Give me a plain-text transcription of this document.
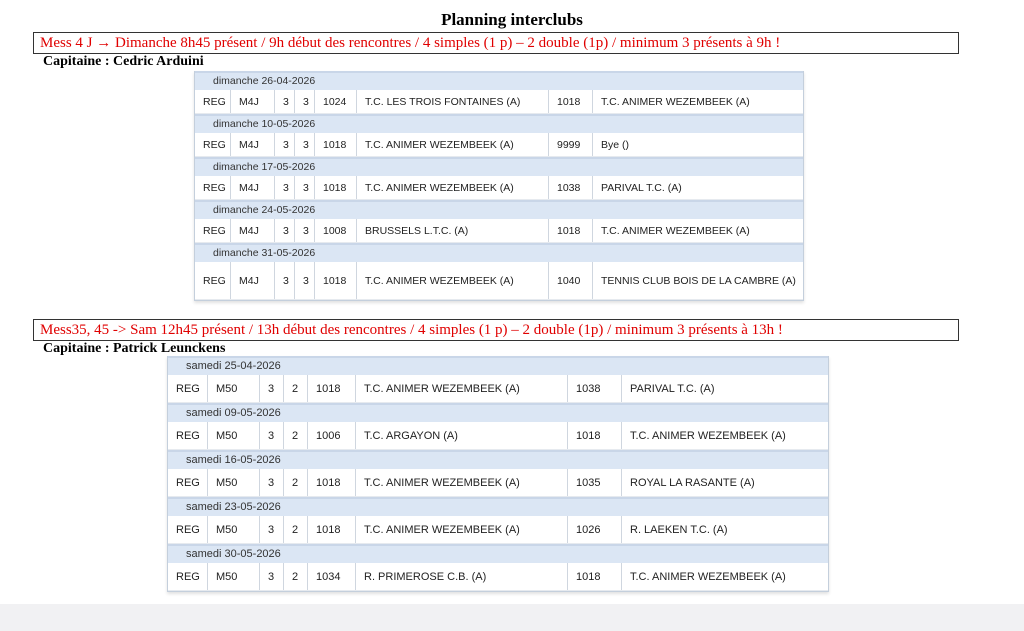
Planning interclubs
Mess 4 J → Dimanche 8h45 présent / 9h début des rencontres / 4 simples (1 p) – 2 double (1p) / minimum 3 présents à 9h !
Capitaine : Cedric Arduini
dimanche 26-04-2026
REG	M4J	3	3	1024	T.C. LES TROIS FONTAINES (A)	1018	T.C. ANIMER WEZEMBEEK (A)
dimanche 10-05-2026
REG	M4J	3	3	1018	T.C. ANIMER WEZEMBEEK (A)	9999	Bye ()
dimanche 17-05-2026
REG	M4J	3	3	1018	T.C. ANIMER WEZEMBEEK (A)	1038	PARIVAL T.C. (A)
dimanche 24-05-2026
REG	M4J	3	3	1008	BRUSSELS L.T.C. (A)	1018	T.C. ANIMER WEZEMBEEK (A)
dimanche 31-05-2026
REG	M4J	3	3	1018	T.C. ANIMER WEZEMBEEK (A)	1040	TENNIS CLUB BOIS DE LA CAMBRE (A)
Mess35, 45 -> Sam 12h45 présent / 13h début des rencontres / 4 simples (1 p) – 2 double (1p) / minimum 3 présents à 13h !
Capitaine : Patrick Leunckens
samedi 25-04-2026
REG	M50	3	2	1018	T.C. ANIMER WEZEMBEEK (A)	1038	PARIVAL T.C. (A)
samedi 09-05-2026
REG	M50	3	2	1006	T.C. ARGAYON (A)	1018	T.C. ANIMER WEZEMBEEK (A)
samedi 16-05-2026
REG	M50	3	2	1018	T.C. ANIMER WEZEMBEEK (A)	1035	ROYAL LA RASANTE (A)
samedi 23-05-2026
REG	M50	3	2	1018	T.C. ANIMER WEZEMBEEK (A)	1026	R. LAEKEN T.C. (A)
samedi 30-05-2026
REG	M50	3	2	1034	R. PRIMEROSE C.B. (A)	1018	T.C. ANIMER WEZEMBEEK (A)
